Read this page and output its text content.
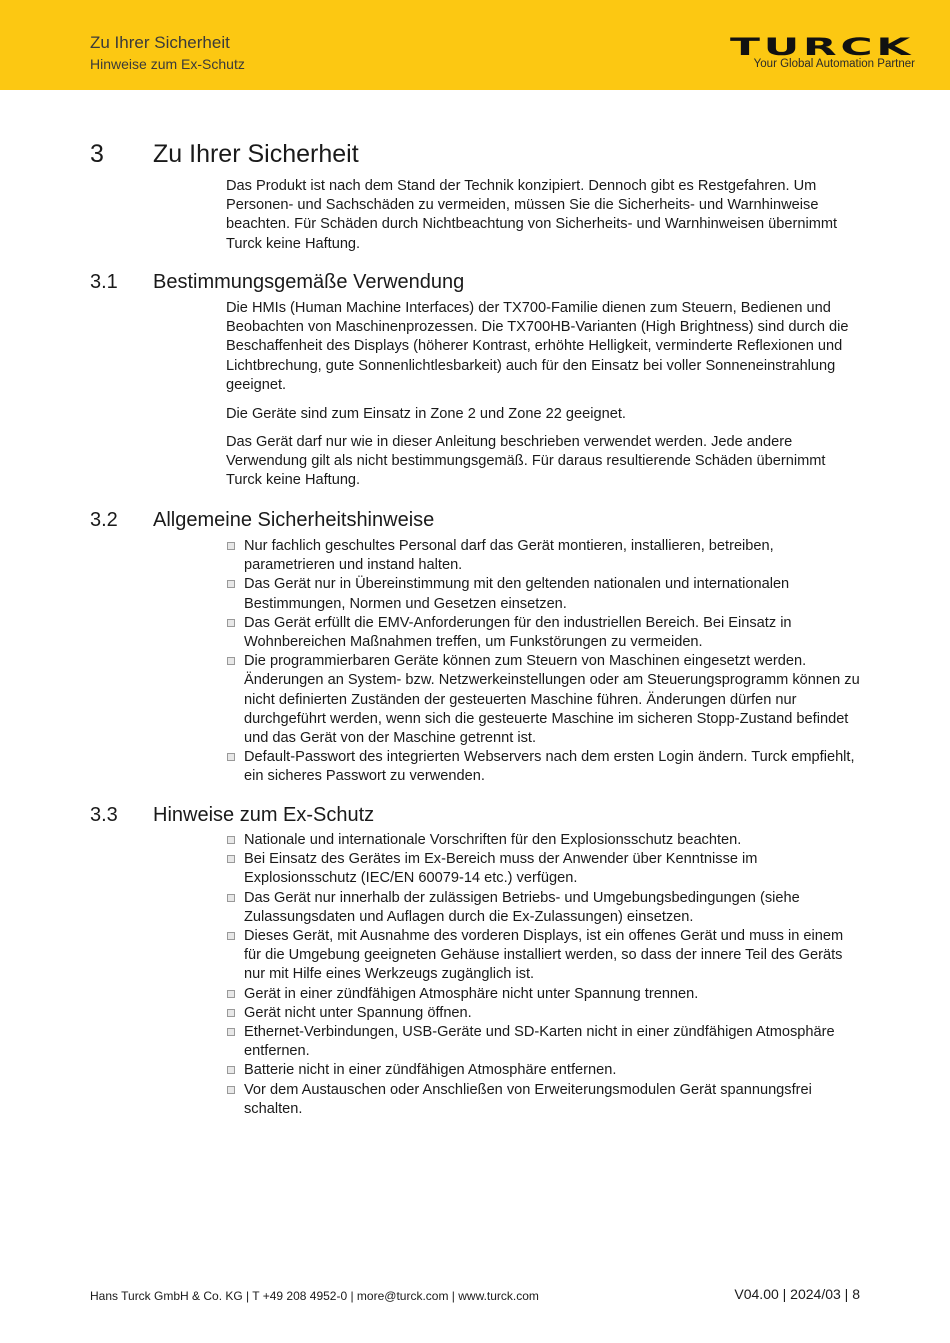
Zu Ihrer Sicherheit
Hinweise zum Ex-Schutz
TURCK
Your Global Automation Partner
3 Zu Ihrer Sicherheit

Das Produkt ist nach dem Stand der Technik konzipiert. Dennoch gibt es Restgefahren. Um Personen- und Sachschäden zu vermeiden, müssen Sie die Sicherheits- und Warnhinweise beachten. Für Schäden durch Nichtbeachtung von Sicherheits- und Warnhinweisen übernimmt Turck keine Haftung.

3.1 Bestimmungsgemäße Verwendung

Die HMIs (Human Machine Interfaces) der TX700-Familie dienen zum Steuern, Bedienen und Beobachten von Maschinenprozessen. Die TX700HB-Varianten (High Brightness) sind durch die Beschaffenheit des Displays (höherer Kontrast, erhöhte Helligkeit, verminderte Reflexionen und Lichtbrechung, gute Sonnenlichtlesbarkeit) auch für den Einsatz bei voller Sonneneinstrahlung geeignet.

Die Geräte sind zum Einsatz in Zone 2 und Zone 22 geeignet.

Das Gerät darf nur wie in dieser Anleitung beschrieben verwendet werden. Jede andere Verwendung gilt als nicht bestimmungsgemäß. Für daraus resultierende Schäden übernimmt Turck keine Haftung.

3.2 Allgemeine Sicherheitshinweise
Nur fachlich geschultes Personal darf das Gerät montieren, installieren, betreiben, parametrieren und instand halten.
Das Gerät nur in Übereinstimmung mit den geltenden nationalen und internationalen Bestimmungen, Normen und Gesetzen einsetzen.
Das Gerät erfüllt die EMV-Anforderungen für den industriellen Bereich. Bei Einsatz in Wohnbereichen Maßnahmen treffen, um Funkstörungen zu vermeiden.
Die programmierbaren Geräte können zum Steuern von Maschinen eingesetzt werden. Änderungen an System- bzw. Netzwerkeinstellungen oder am Steuerungsprogramm können zu nicht definierten Zuständen der gesteuerten Maschine führen. Änderungen dürfen nur durchgeführt werden, wenn sich die gesteuerte Maschine im sicheren Stopp-Zustand befindet und das Gerät von der Maschine getrennt ist.
Default-Passwort des integrierten Webservers nach dem ersten Login ändern. Turck empfiehlt, ein sicheres Passwort zu verwenden.
3.3 Hinweise zum Ex-Schutz
Nationale und internationale Vorschriften für den Explosionsschutz beachten.
Bei Einsatz des Gerätes im Ex-Bereich muss der Anwender über Kenntnisse im Explosionsschutz (IEC/EN 60079-14 etc.) verfügen.
Das Gerät nur innerhalb der zulässigen Betriebs- und Umgebungsbedingungen (siehe Zulassungsdaten und Auflagen durch die Ex-Zulassungen) einsetzen.
Dieses Gerät, mit Ausnahme des vorderen Displays, ist ein offenes Gerät und muss in einem für die Umgebung geeigneten Gehäuse installiert werden, so dass der innere Teil des Geräts nur mit Hilfe eines Werkzeugs zugänglich ist.
Gerät in einer zündfähigen Atmosphäre nicht unter Spannung trennen.
Gerät nicht unter Spannung öffnen.
Ethernet-Verbindungen, USB-Geräte und SD-Karten nicht in einer zündfähigen Atmosphäre entfernen.
Batterie nicht in einer zündfähigen Atmosphäre entfernen.
Vor dem Austauschen oder Anschließen von Erweiterungsmodulen Gerät spannungsfrei schalten.
Hans Turck GmbH & Co. KG | T +49 208 4952-0 | more@turck.com | www.turck.com	V04.00 | 2024/03 | 8
